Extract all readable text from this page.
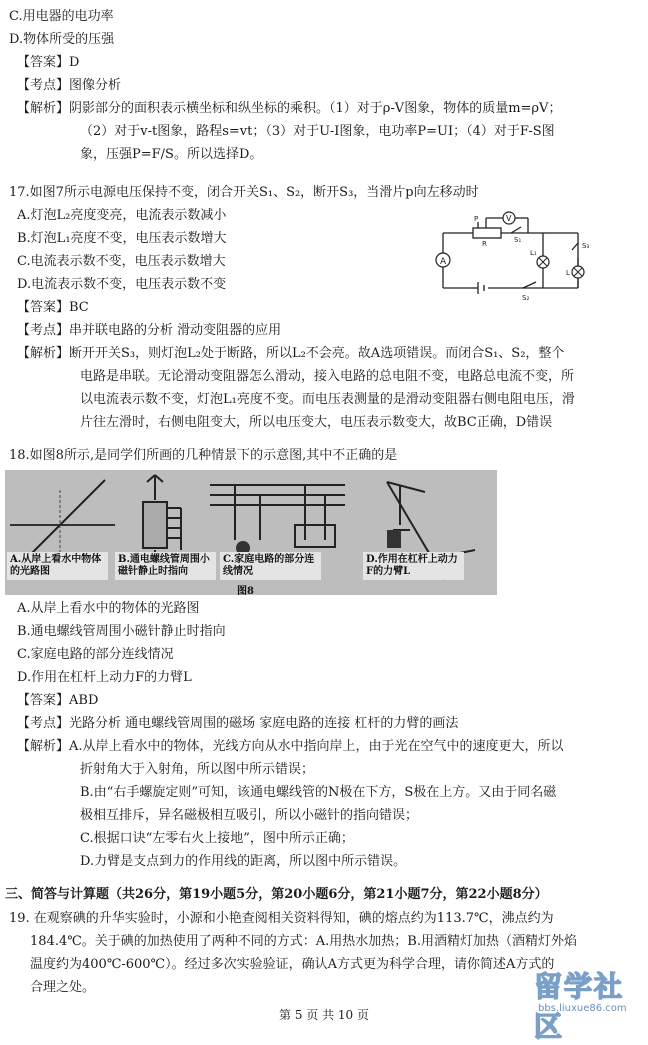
C.用电器的电功率
D.物体所受的压强
【答案】D
【考点】图像分析
【解析】阴影部分的面积表示横坐标和纵坐标的乘积。（1）对于ρ-V图象，物体的质量m=ρV；
（2）对于v-t图象，路程s=vt；（3）对于U-I图象，电功率P=UI；（4）对于F-S图
象，压强P=F/S。所以选择D。
17.如图7所示电源电压保持不变，闭合开关S₁、S₂，断开S₃，当滑片p向左移动时
A.灯泡L₂亮度变亮，电流表示数减小
B.灯泡L₁亮度不变，电压表示数增大
C.电流表示数不变，电压表示数增大
D.电流表示数不变，电压表示数不变
【答案】BC
【考点】串并联电路的分析 滑动变阻器的应用
【解析】断开开关S₃，则灯泡L₂处于断路，所以L₂不会亮。故A选项错误。而闭合S₁、S₂，整个
电路是串联。无论滑动变阻器怎么滑动，接入电路的总电阻不变，电路总电流不变，所
以电流表示数不变，灯泡L₁亮度不变。而电压表测量的是滑动变阻器右侧电阻电压，滑
片往左滑时，右侧电阻变大，所以电压变大，电压表示数变大，故BC正确，D错误
A
V
P
R	S₁
L₁
L
S₂
S₃
18.如图8所示,是同学们所画的几种情景下的示意图,其中不正确的是
A.从岸上看水中物体的光路图
B.通电螺线管周围小磁针静止时指向
C.家庭电路的部分连线情况
D.作用在杠杆上动力F的力臂L
图8
A.从岸上看水中的物体的光路图
B.通电螺线管周围小磁针静止时指向
C.家庭电路的部分连线情况
D.作用在杠杆上动力F的力臂L
【答案】ABD
【考点】光路分析 通电螺线管周围的磁场 家庭电路的连接 杠杆的力臂的画法
【解析】A.从岸上看水中的物体，光线方向从水中指向岸上，由于光在空气中的速度更大，所以
折射角大于入射角，所以图中所示错误；
B.由“右手螺旋定则”可知，该通电螺线管的N极在下方，S极在上方。又由于同名磁
极相互排斥，异名磁极相互吸引，所以小磁针的指向错误；
C.根据口诀“左零右火上接地”，图中所示正确；
D.力臂是支点到力的作用线的距离，所以图中所示错误。
三、简答与计算题（共26分，第19小题5分，第20小题6分，第21小题7分，第22小题8分）
19. 在观察碘的升华实验时，小源和小艳查阅相关资料得知，碘的熔点约为113.7℃，沸点约为
184.4℃。关于碘的加热使用了两种不同的方式：A.用热水加热；B.用酒精灯加热（酒精灯外焰
温度约为400℃-600℃）。经过多次实验验证，确认A方式更为科学合理，请你简述A方式的
合理之处。
第 5 页 共 10 页
留学社区
bbs.liuxue86.com
